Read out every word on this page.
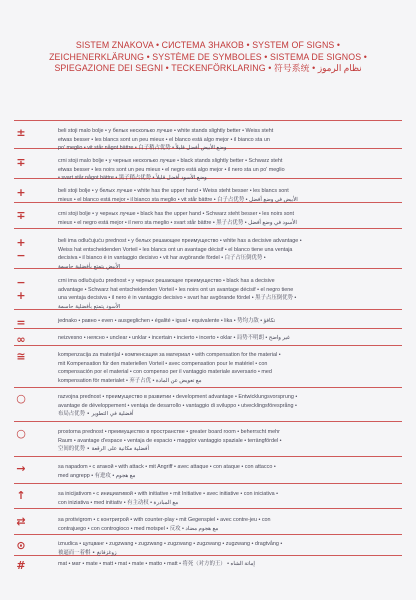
SISTEM ZNAKOVA • СИСТЕМА ЗНАКОВ • SYSTEM OF SIGNS •
ZEICHENERKLÄRUNG • SYSTÈME DE SYMBOLES • SISTEMA DE SIGNOS •
SPIEGAZIONE DEI SEGNI • TECKENFÖRKLARING • 符号系统 • نظام الرموز
±	beli stoji malo bolje • у белых несколько лучше • white stands slightly better • Weiss steht
etwas besser • les blancs sont un peu mieux • el blanco está algo mejor • il bianco sta un
po' meglio • vit står något bättre • 白子稍占优势 • وضع الأبيض أفضل قليلاً
∓	crni stoji malo bolje • у черных несколько лучше • black stands slightly better • Schwarz steht
etwas besser • les noirs sont un peu mieux • el negro está algo mejor • il nero sta un po' meglio
• svart står något bättre • 黑子稍占优势 • وضع الأسود أفضل قليلاً
+	beli stoji bolje • у белых лучше • white has the upper hand • Weiss steht besser • les blancs sont
mieux • el blanco está mejor • il bianco sta meglio • vit står bättre • 白子占优势 • الأبيض في وضع أفضل
∓	crni stoji bolje • у черных лучше • black has the upper hand • Schwarz steht besser • les noirs sont
mieux • el negro está mejor • il nero sta meglio • svart står bättre • 黑子占优势 • الأسود في وضع أفضل
+−
beli ima odlučujuću prednost • у белых решающее преимущество • white has a decisive advantage •
Weiss hat entscheidenden Vorteil • les blancs ont un avantage décisif • el blanco tiene una ventaja
decisiva • il bianco è in vantaggio decisivo • vit har avgörande fördel • 白子占压倒优势 •
الأبيض يتمتع بأفضلية حاسمة
−+
crni ima odlučujuću prednost • у черных решающее преимущество • black has a decisive
advantage • Schwarz hat entscheidenden Vorteil • les noirs ont un avantage décisif • el negro tiene
una ventaja decisiva • il nero è in vantaggio decisivo • svart har avgörande fördel • 黑子占压倒优势 •
الأسود يتمتع بأفضلية حاسمة
=	jednako • равно • even • ausgeglichen • égalité • igual • equivalente • lika • 势均力敌 • تكافؤ
∞	neizvesno • неясно • unclear • unklar • incertain • incierto • incerto • oklar • 局势不明朗 • غير واضح
≅	kompenzacija za materijal • компенсация за материал • with compensation for the material •
mit Kompensation für den materiellen Vorteil • avec compensation pour le matériel • con
compensación por el material • con compenso per il vantaggio materiale avversario • med
kompensation för materialet • 弃子占优 • مع تعويض عن المادة
○	razvojna prednost • преимущество в развитии • development advantage • Entwicklungsvorsprung •
avantage de développement • ventaja de desarrollo • vantaggio di sviluppo • utvecklingsföresprång •
布局占优势 • أفضلية في التطوير
○	prostorna prednost • преимущество в пространстве • greater board room • beherrscht mehr
Raum • avantage d'espace • ventaja de espacio • maggior vantaggio spaziale • terrängfördel •
空间的优势 • أفضلية مكانية على الرقعة
→	sa napadom • с атакой • with attack • mit Angriff • avec attaque • con ataque • con attacco •
med angrepp • 有进攻 • مع هجوم
↑	sa inicijativom • с инициативой • with initiative • mit Initiative • avec initiative • con iniciativa •
con iniziativa • med initiativ • 有主动权 • مع المبادرة
⇄	sa protivigrom • с контригрой • with counter-play • mit Gegenspiel • avec contre-jeu • con
contrajuego • con controgioco • med motspel • 反攻 • مع هجوم مضاد
⊙	iznudica • цугцванг • zugzwang • zugzwang • zugzwang • zugzwang • zugzwang • dragtvång •
被逼而一着棋 • زوغزفانغ
#	mat • мат • mate • matt • mat • mate • matto • matt • 将死（对方的王） • إماتة الشاه
